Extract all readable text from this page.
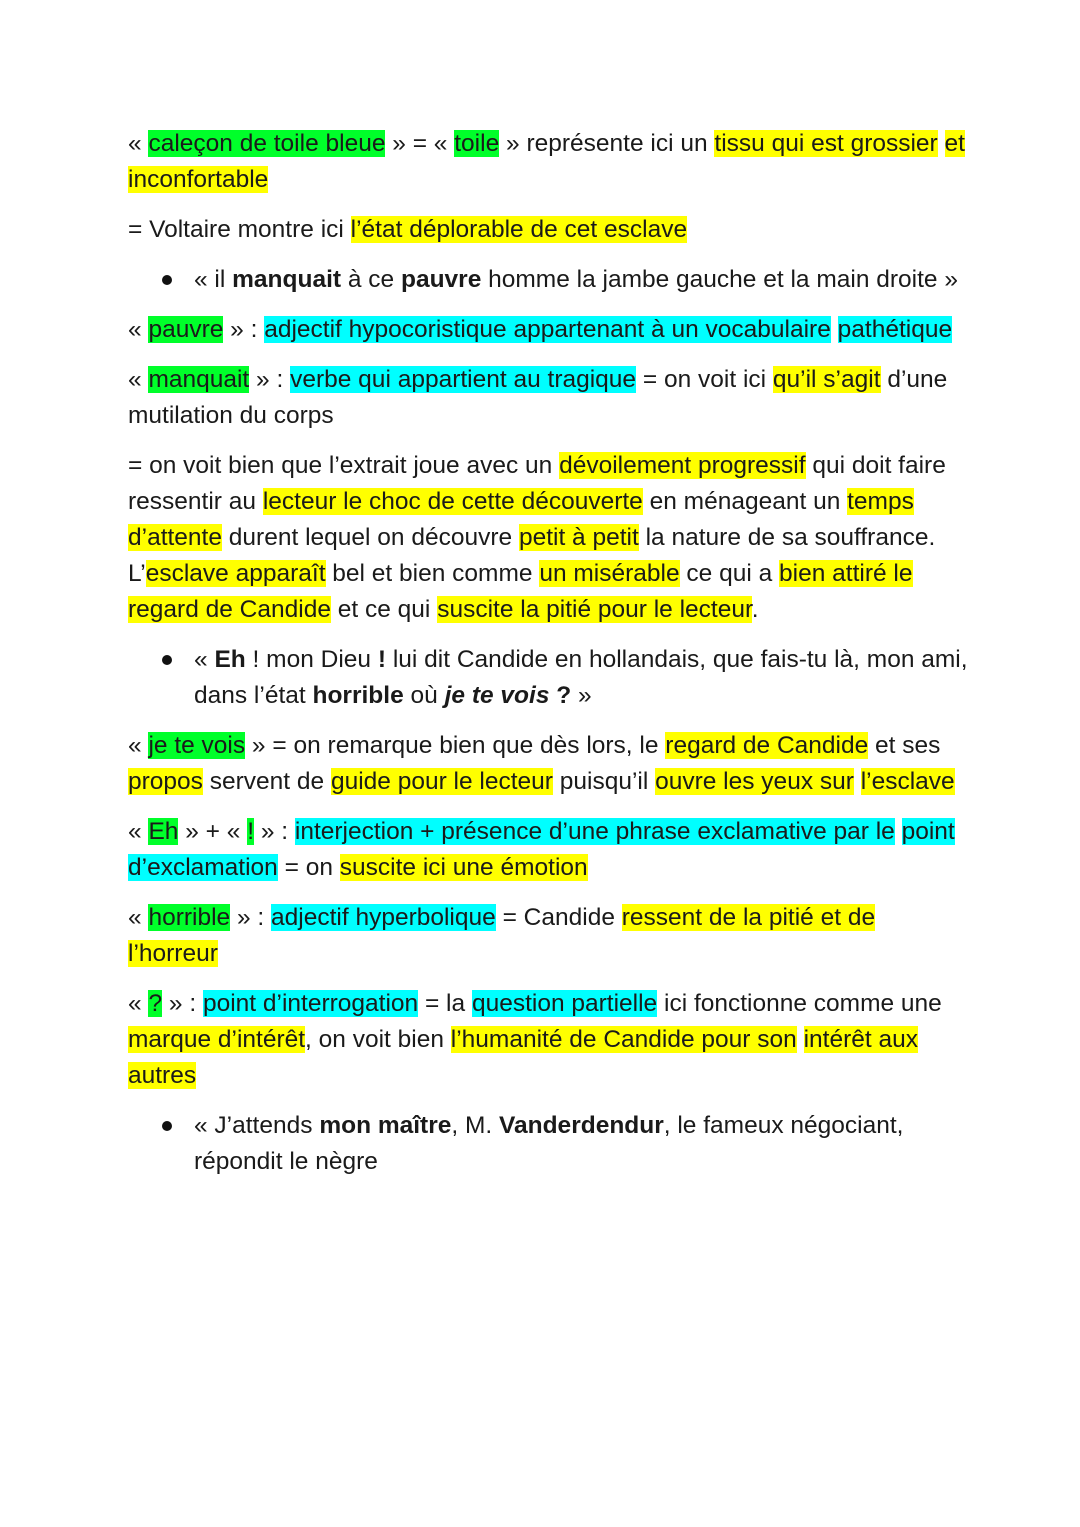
« caleçon de toile bleue » = « toile » représente ici un tissu qui est grossier et inconfortable

= Voltaire montre ici l’état déplorable de cet esclave

« il manquait à ce pauvre homme la jambe gauche et la main droite »

« pauvre » : adjectif hypocoristique appartenant à un vocabulaire pathétique

« manquait » : verbe qui appartient au tragique = on voit ici qu’il s’agit d’une mutilation du corps

= on voit bien que l’extrait joue avec un dévoilement progressif qui doit faire ressentir au lecteur le choc de cette découverte en ménageant un temps d’attente durent lequel on découvre petit à petit la nature de sa souffrance. L’esclave apparaît bel et bien comme un misérable ce qui a bien attiré le regard de Candide et ce qui suscite la pitié pour le lecteur.

« Eh ! mon Dieu ! lui dit Candide en hollandais, que fais-tu là, mon ami, dans l’état horrible où je te vois ? »

« je te vois » = on remarque bien que dès lors, le regard de Candide et ses propos servent de guide pour le lecteur puisqu’il ouvre les yeux sur l’esclave

« Eh » + « ! » : interjection + présence d’une phrase exclamative par le point d’exclamation = on suscite ici une émotion

« horrible » : adjectif hyperbolique = Candide ressent de la pitié et de l’horreur

« ? » : point d’interrogation = la question partielle ici fonctionne comme une marque d’intérêt, on voit bien l’humanité de Candide pour son intérêt aux autres

« J’attends mon maître, M. Vanderdendur, le fameux négociant, répondit le nègre
